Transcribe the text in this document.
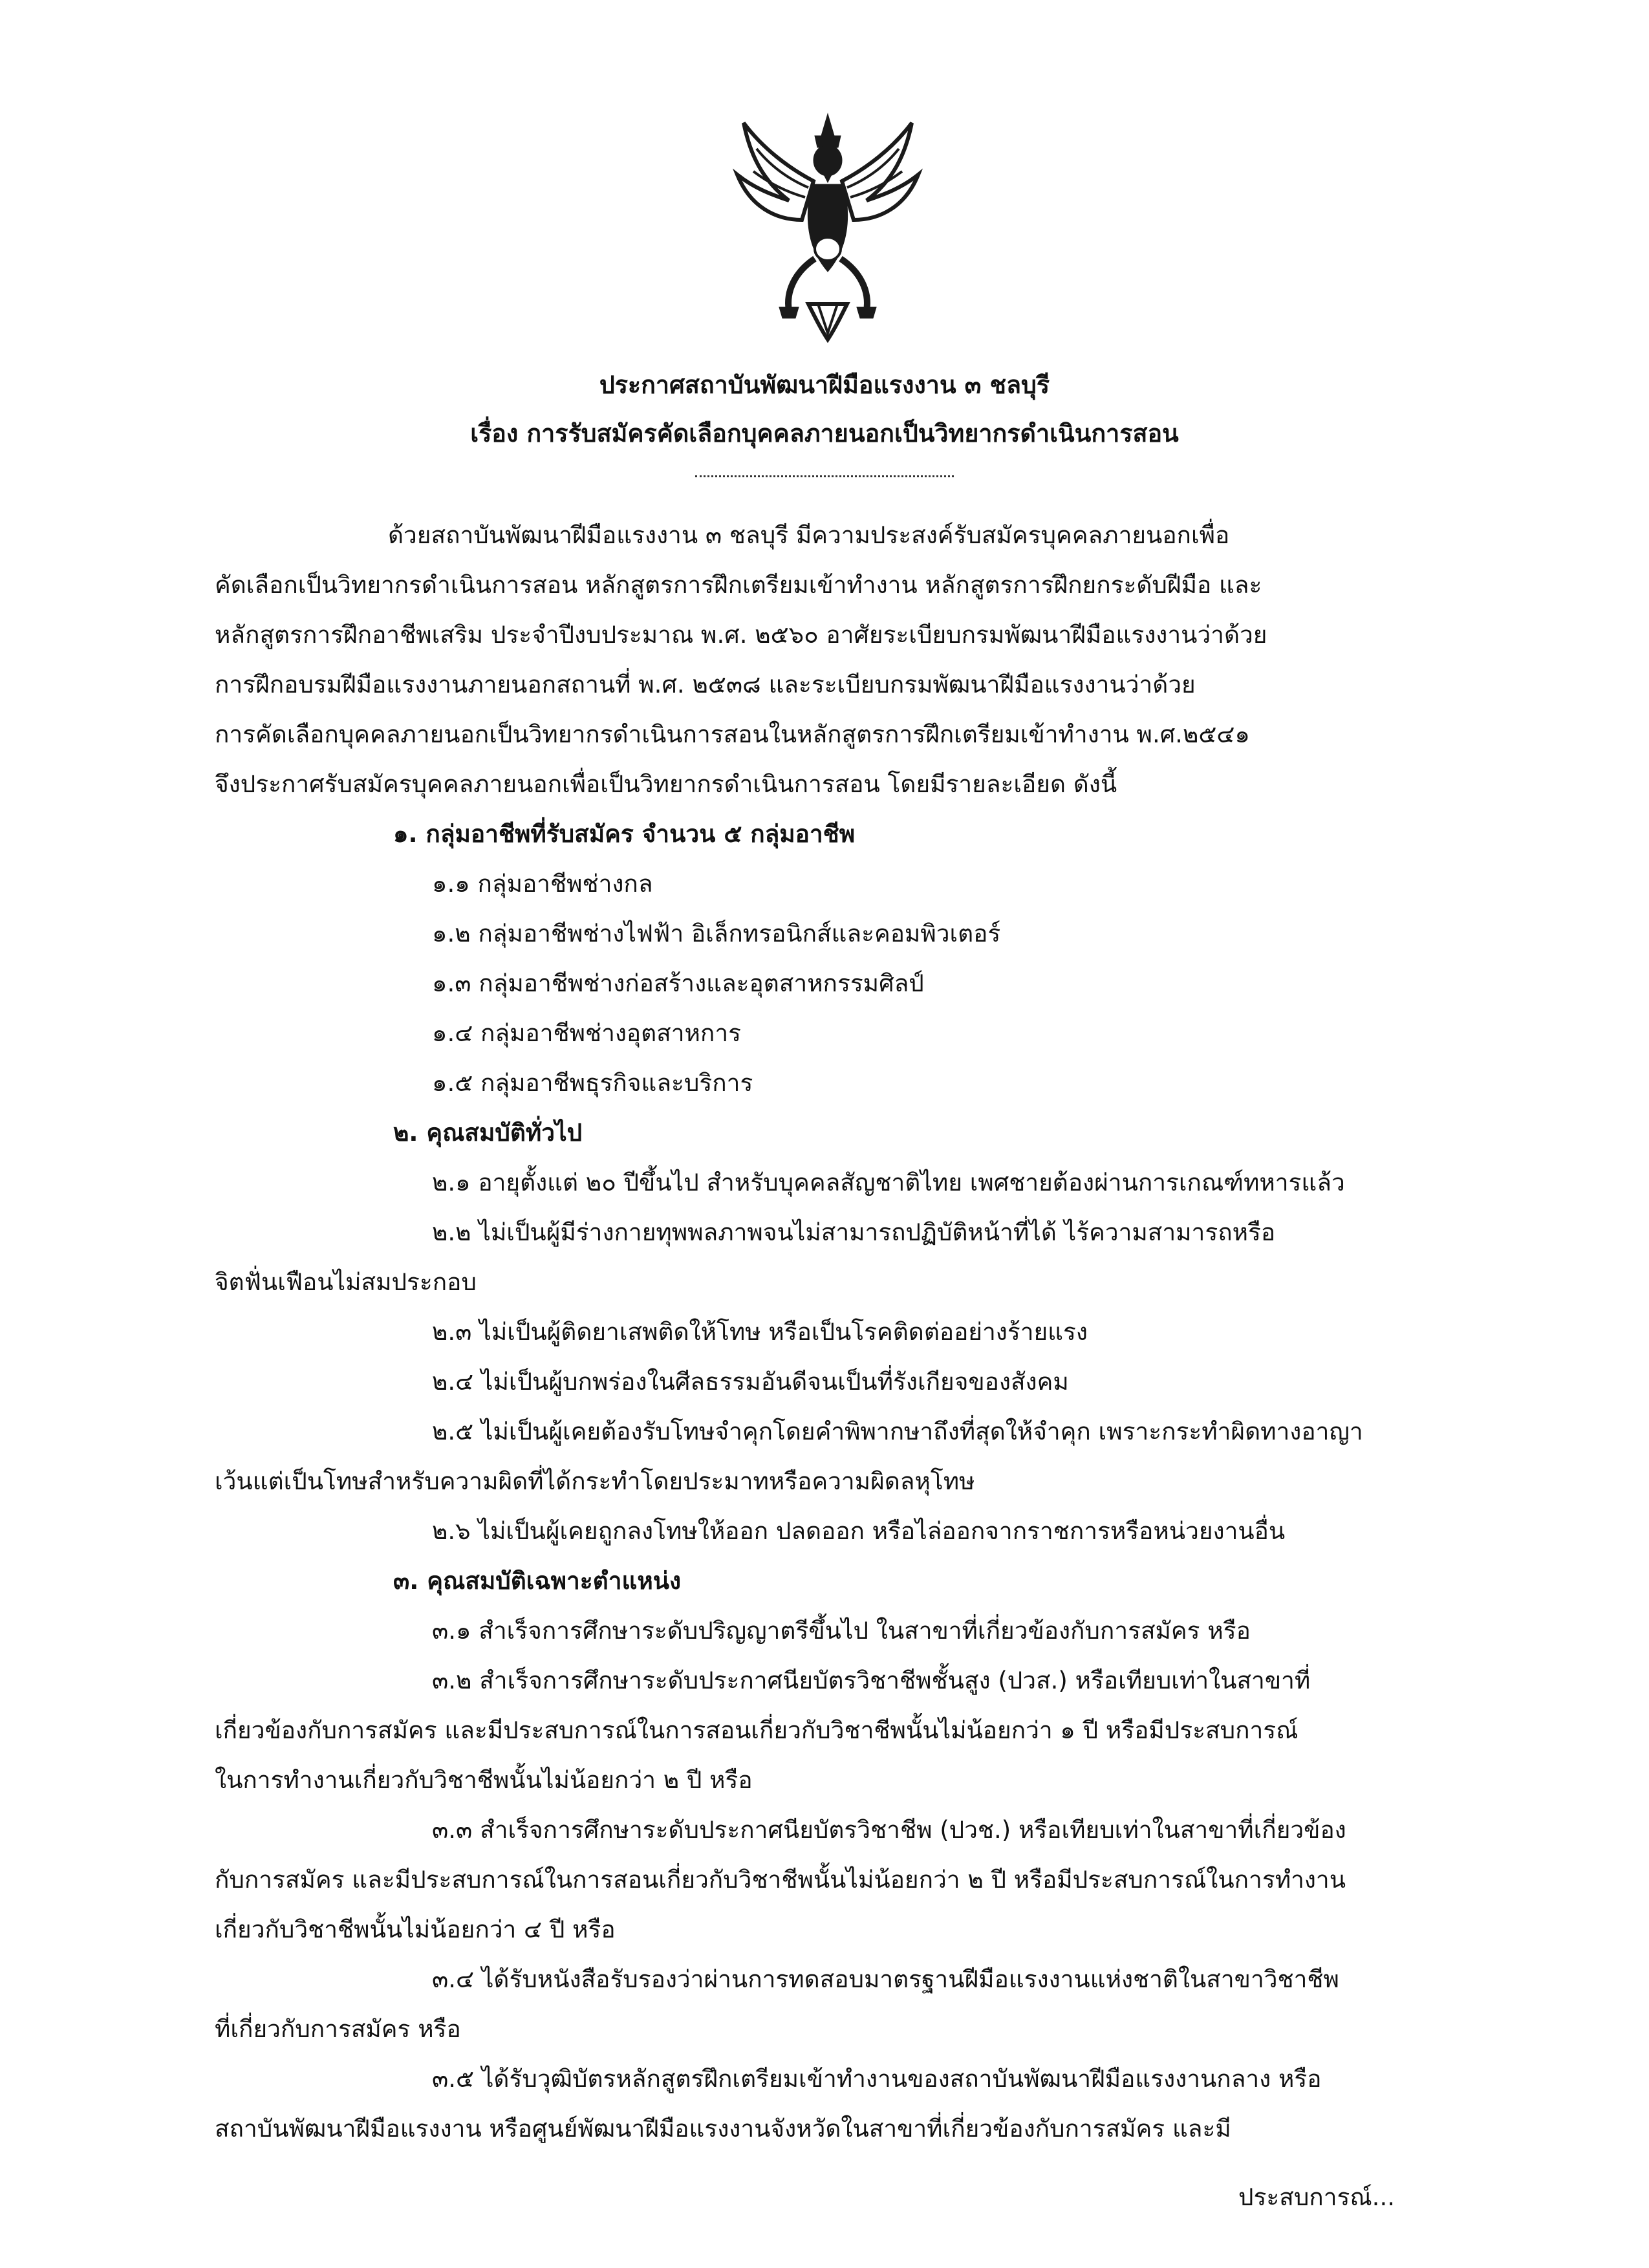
ประกาศสถาบันพัฒนาฝีมือแรงงาน ๓ ชลบุรี
เรื่อง การรับสมัครคัดเลือกบุคคลภายนอกเป็นวิทยากรดำเนินการสอน
ด้วยสถาบันพัฒนาฝีมือแรงงาน ๓ ชลบุรี มีความประสงค์รับสมัครบุคคลภายนอกเพื่อ
คัดเลือกเป็นวิทยากรดำเนินการสอน หลักสูตรการฝึกเตรียมเข้าทำงาน หลักสูตรการฝึกยกระดับฝีมือ และ
หลักสูตรการฝึกอาชีพเสริม ประจำปีงบประมาณ พ.ศ. ๒๕๖๐ อาศัยระเบียบกรมพัฒนาฝีมือแรงงานว่าด้วย
การฝึกอบรมฝีมือแรงงานภายนอกสถานที่ พ.ศ. ๒๕๓๘ และระเบียบกรมพัฒนาฝีมือแรงงานว่าด้วย
การคัดเลือกบุคคลภายนอกเป็นวิทยากรดำเนินการสอนในหลักสูตรการฝึกเตรียมเข้าทำงาน พ.ศ.๒๕๔๑
จึงประกาศรับสมัครบุคคลภายนอกเพื่อเป็นวิทยากรดำเนินการสอน โดยมีรายละเอียด ดังนี้
๑. กลุ่มอาชีพที่รับสมัคร จำนวน ๕ กลุ่มอาชีพ
๑.๑ กลุ่มอาชีพช่างกล
๑.๒ กลุ่มอาชีพช่างไฟฟ้า อิเล็กทรอนิกส์และคอมพิวเตอร์
๑.๓ กลุ่มอาชีพช่างก่อสร้างและอุตสาหกรรมศิลป์
๑.๔ กลุ่มอาชีพช่างอุตสาหการ
๑.๕ กลุ่มอาชีพธุรกิจและบริการ
๒. คุณสมบัติทั่วไป
๒.๑ อายุตั้งแต่ ๒๐ ปีขึ้นไป สำหรับบุคคลสัญชาติไทย เพศชายต้องผ่านการเกณฑ์ทหารแล้ว
๒.๒ ไม่เป็นผู้มีร่างกายทุพพลภาพจนไม่สามารถปฏิบัติหน้าที่ได้ ไร้ความสามารถหรือ
จิตฟั่นเฟือนไม่สมประกอบ
๒.๓ ไม่เป็นผู้ติดยาเสพติดให้โทษ หรือเป็นโรคติดต่ออย่างร้ายแรง
๒.๔ ไม่เป็นผู้บกพร่องในศีลธรรมอันดีจนเป็นที่รังเกียจของสังคม
๒.๕ ไม่เป็นผู้เคยต้องรับโทษจำคุกโดยคำพิพากษาถึงที่สุดให้จำคุก เพราะกระทำผิดทางอาญา
เว้นแต่เป็นโทษสำหรับความผิดที่ได้กระทำโดยประมาทหรือความผิดลหุโทษ
๒.๖ ไม่เป็นผู้เคยถูกลงโทษให้ออก ปลดออก หรือไล่ออกจากราชการหรือหน่วยงานอื่น
๓. คุณสมบัติเฉพาะตำแหน่ง
๓.๑ สำเร็จการศึกษาระดับปริญญาตรีขึ้นไป ในสาขาที่เกี่ยวข้องกับการสมัคร หรือ
๓.๒ สำเร็จการศึกษาระดับประกาศนียบัตรวิชาชีพชั้นสูง (ปวส.) หรือเทียบเท่าในสาขาที่
เกี่ยวข้องกับการสมัคร และมีประสบการณ์ในการสอนเกี่ยวกับวิชาชีพนั้นไม่น้อยกว่า ๑ ปี หรือมีประสบการณ์
ในการทำงานเกี่ยวกับวิชาชีพนั้นไม่น้อยกว่า ๒ ปี หรือ
๓.๓ สำเร็จการศึกษาระดับประกาศนียบัตรวิชาชีพ (ปวช.) หรือเทียบเท่าในสาขาที่เกี่ยวข้อง
กับการสมัคร และมีประสบการณ์ในการสอนเกี่ยวกับวิชาชีพนั้นไม่น้อยกว่า ๒ ปี หรือมีประสบการณ์ในการทำงาน
เกี่ยวกับวิชาชีพนั้นไม่น้อยกว่า ๔ ปี หรือ
๓.๔ ได้รับหนังสือรับรองว่าผ่านการทดสอบมาตรฐานฝีมือแรงงานแห่งชาติในสาขาวิชาชีพ
ที่เกี่ยวกับการสมัคร หรือ
๓.๕ ได้รับวุฒิบัตรหลักสูตรฝึกเตรียมเข้าทำงานของสถาบันพัฒนาฝีมือแรงงานกลาง หรือ
สถาบันพัฒนาฝีมือแรงงาน หรือศูนย์พัฒนาฝีมือแรงงานจังหวัดในสาขาที่เกี่ยวข้องกับการสมัคร และมี
ประสบการณ์...
